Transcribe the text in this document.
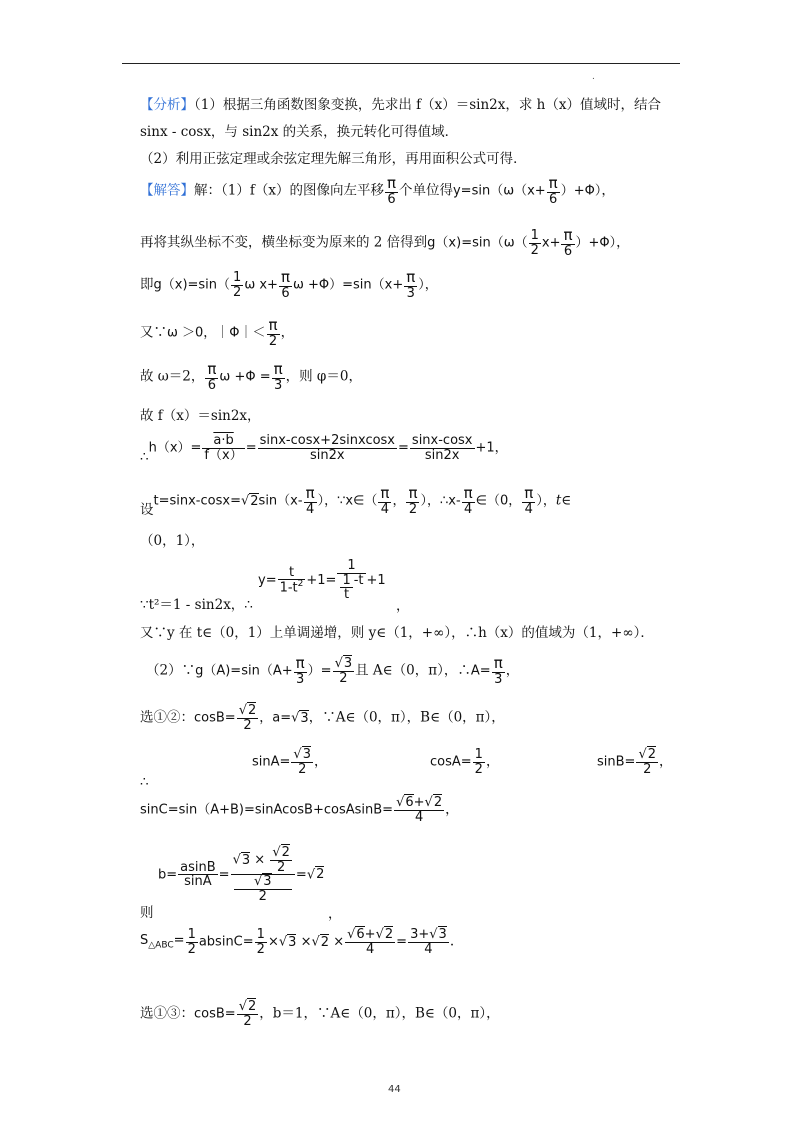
.
【分析】（1）根据三角函数图象变换，先求出 f（x）＝sin2x，求 h（x）值域时，结合
sinx - cosx，与 sin2x 的关系，换元转化可得值域．
（2）利用正弦定理或余弦定理先解三角形，再用面积公式可得．
【解答】解：（1）f（x）的图像向左平移 $\frac{\pi}{6}$ 个单位得$y=\sin(\omega(x+ \frac{\pi}{6} )+\Phi)$，
再将其纵坐标不变，横坐标变为原来的 2 倍得到$g(x)=\sin(\omega( \frac{1}{2} x+ \frac{\pi}{6} )+\Phi)$，
即$g(x)=\sin( \frac{1}{2}$ ω $x+ \frac{\pi}{6}$ $\omega +\Phi)=\sin(x+ \frac{\pi}{3}$ ），
又∵ω ＞0，｜Φ｜＜ $\frac{\pi}{2}$ ，
故 ω＝2， $\frac{\pi}{6}$ $\omega +\Phi = \frac{\pi}{3}$ ，则 φ＝0，
故 f（x）＝sin2x，
∴h（x）= $\frac{a\cdot b}{f(x)} = \frac{\text{sinx-cosx+2sinxcosx}}{\sin 2x} = \frac{\sin x-\cos x}{\sin 2x} +1$，
设$t=\sin x-\cos x=√2\sin(x- \frac{\pi}{4}$ ），∵x∈（ $\frac{\pi}{4}$ ， $\frac{\pi}{2}$ ），∴x- $\frac{\pi}{4}$ ∈（0， $\frac{\pi}{4}$ ），t∈
（0，1），
$y= \frac{t}{1-t^2} +1= \frac{1}{\frac{1}{t} -t} +1$
∵t²＝1 - sin2x，∴	，
又∵y 在 t∈（0，1）上单调递增，则 y∈（1，+∞），∴h（x）的值域为（1，+∞）．
（2）∵g（A)=sin（A+ $\frac{\pi}{3}$ ）= $\frac{√3}{2}$ 且 A∈（0，π），∴A= $\frac{\pi}{3}$ ，
选①②：$\cos B= \frac{√2}{2}$ ，a=√3，∵A∈（0，π），B∈（0，π），
∴
$\sin A= \frac{√3}{2}$ ，	$\cos A= \frac{1}{2}$ ，	$\sin B= \frac{√2}{2}$ ，
sinC=sin（A+B)=sinAcosB+cosAsinB= $\frac{√6+√2}{4}$ ，
$b= \frac{asinB}{\sin A} = √3 \times \frac{√2}{2}$
√3
2 =√2
则	，
$S_{\triangle ABC}= \frac{1}{2} absinC= \frac{1}{2} \times√3 \times√2 \times \frac{√6+√2}{4} = \frac{3+√3}{4}$ .
选①③：$\cos B= \frac{√2}{2}$ ，b＝1，∵A∈（0，π），B∈（0，π），
44
